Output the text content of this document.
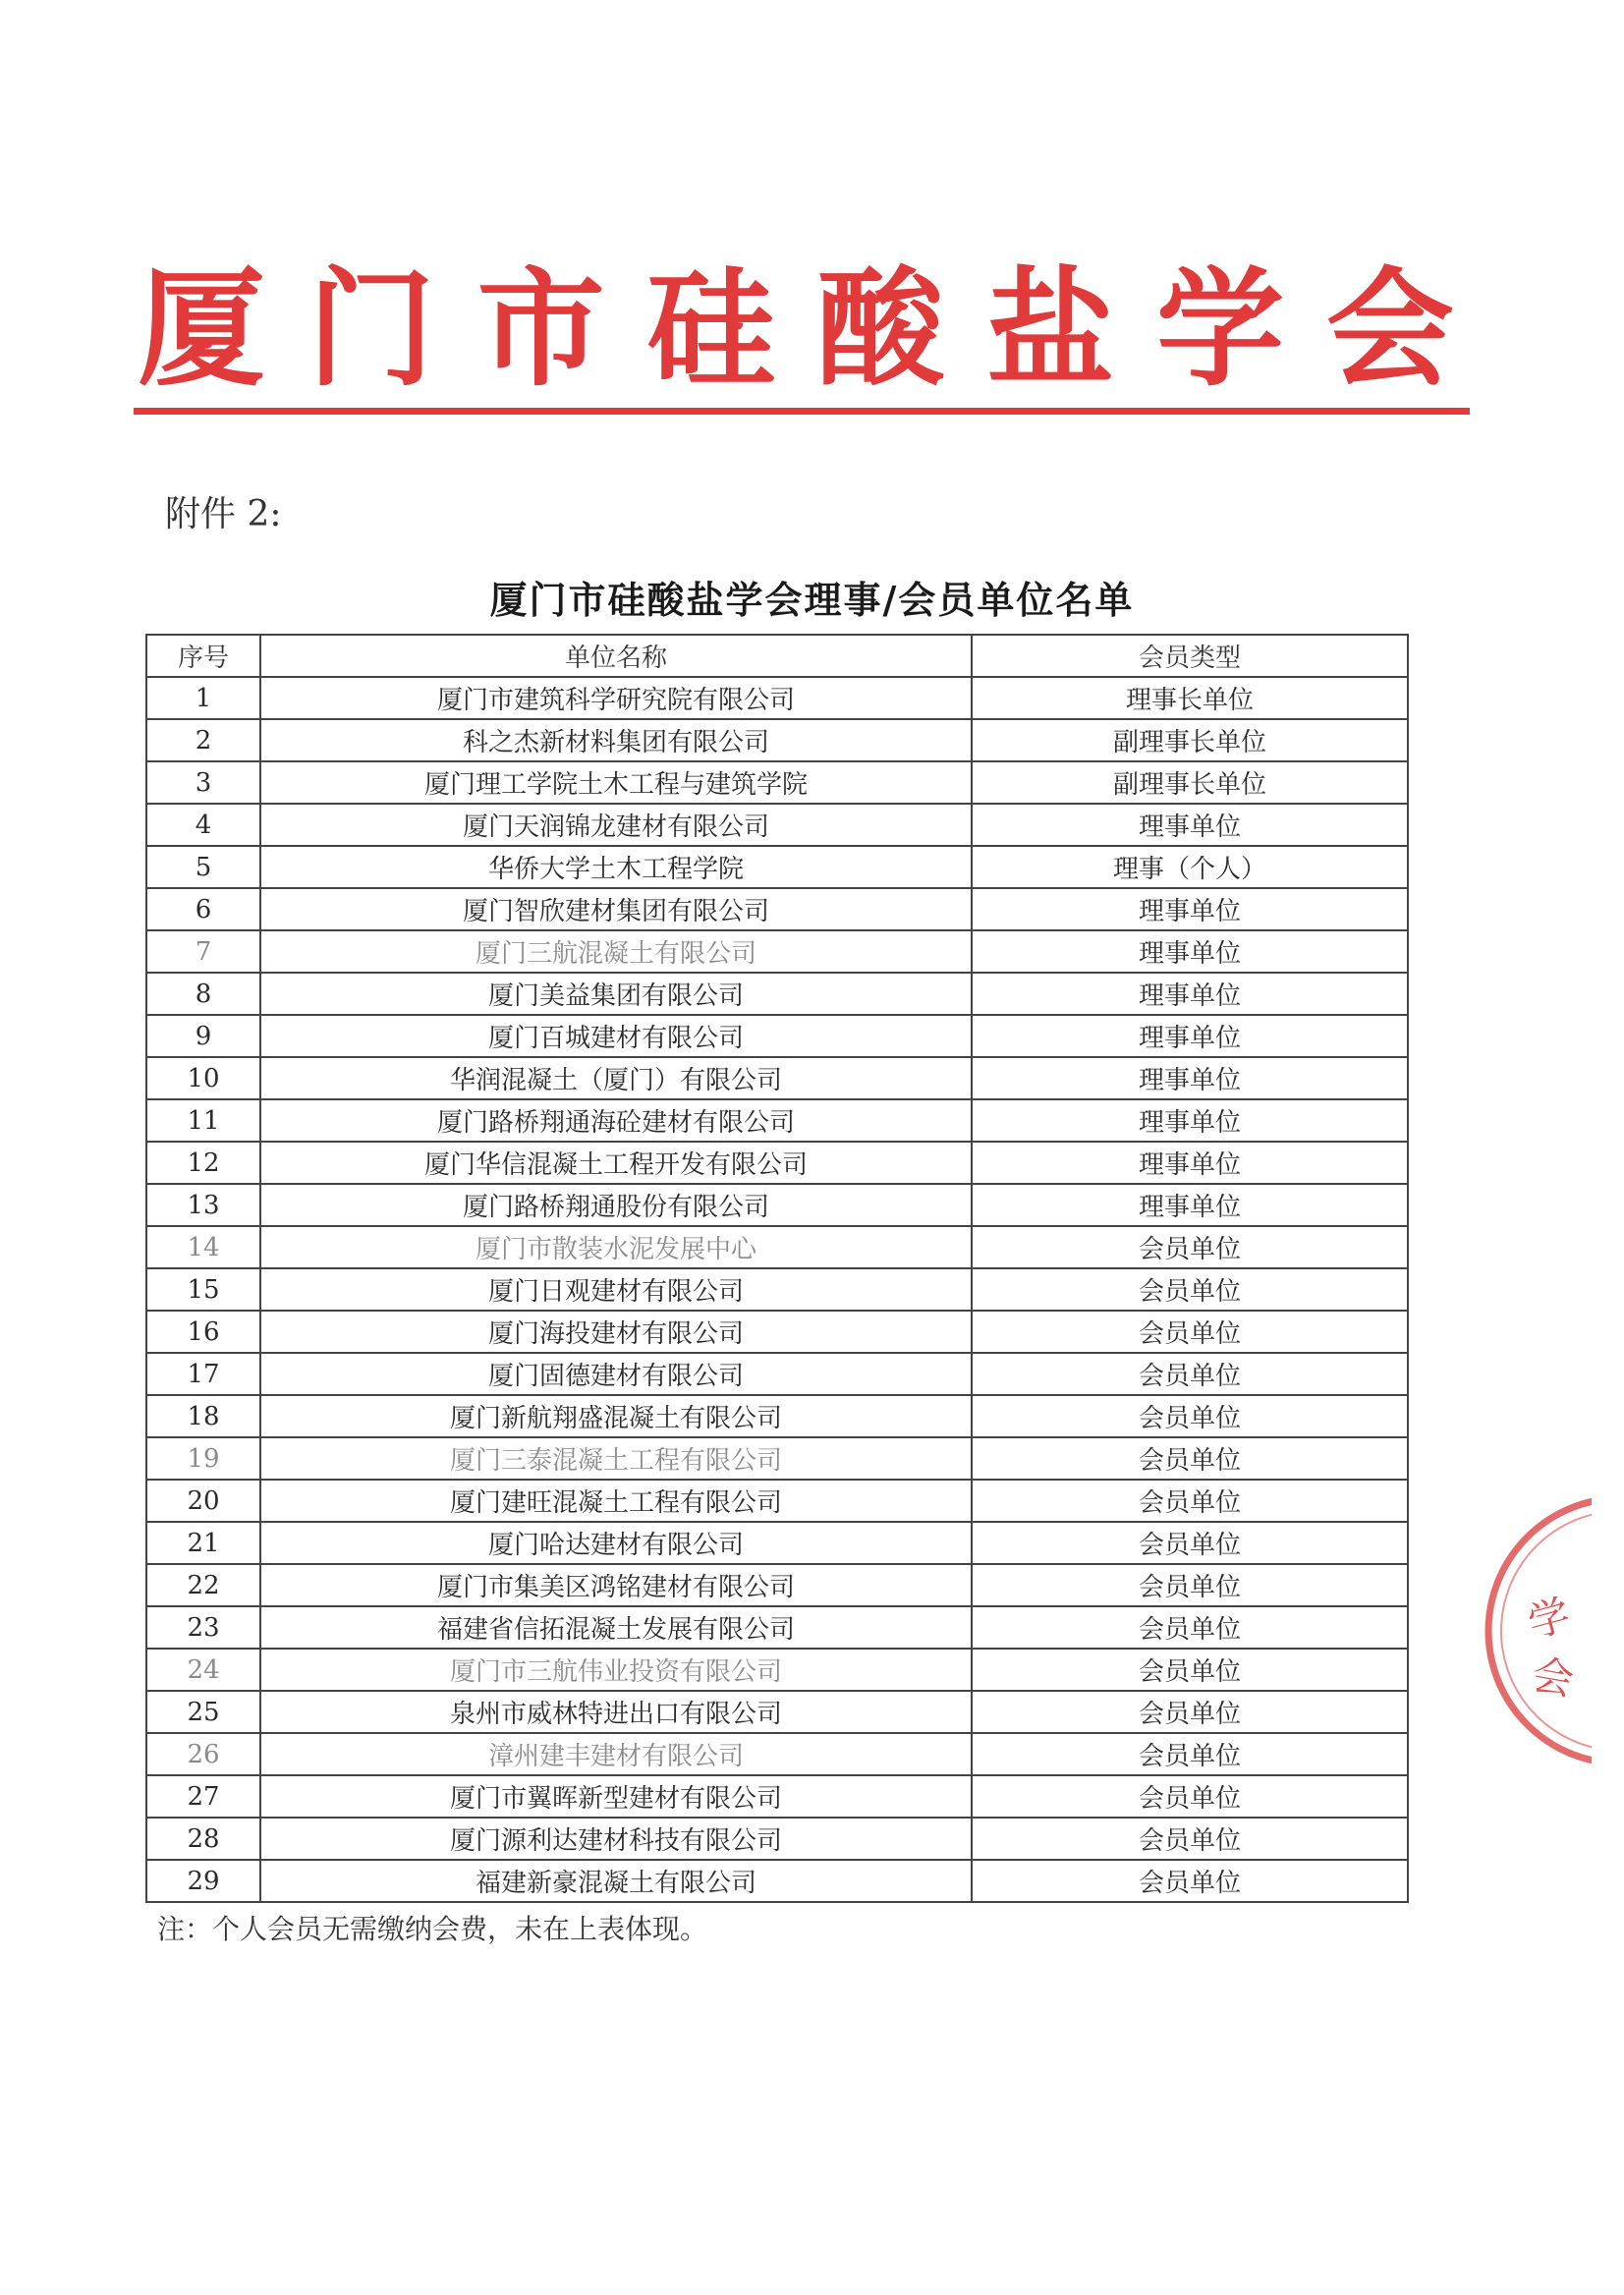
厦 门 市 硅 酸 盐 学 会
附件 2:
厦门市硅酸盐学会理事/会员单位名单
序号	单位名称	会员类型
1	厦门市建筑科学研究院有限公司	理事长单位
2	科之杰新材料集团有限公司	副理事长单位
3	厦门理工学院土木工程与建筑学院	副理事长单位
4	厦门天润锦龙建材有限公司	理事单位
5	华侨大学土木工程学院	理事（个人）
6	厦门智欣建材集团有限公司	理事单位
7	厦门三航混凝土有限公司	理事单位
8	厦门美益集团有限公司	理事单位
9	厦门百城建材有限公司	理事单位
10	华润混凝土（厦门）有限公司	理事单位
11	厦门路桥翔通海砼建材有限公司	理事单位
12	厦门华信混凝土工程开发有限公司	理事单位
13	厦门路桥翔通股份有限公司	理事单位
14	厦门市散装水泥发展中心	会员单位
15	厦门日观建材有限公司	会员单位
16	厦门海投建材有限公司	会员单位
17	厦门固德建材有限公司	会员单位
18	厦门新航翔盛混凝土有限公司	会员单位
19	厦门三泰混凝土工程有限公司	会员单位
20	厦门建旺混凝土工程有限公司	会员单位
21	厦门哈达建材有限公司	会员单位
22	厦门市集美区鸿铭建材有限公司	会员单位
23	福建省信拓混凝土发展有限公司	会员单位
24	厦门市三航伟业投资有限公司	会员单位
25	泉州市威林特进出口有限公司	会员单位
26	漳州建丰建材有限公司	会员单位
27	厦门市翼晖新型建材有限公司	会员单位
28	厦门源利达建材科技有限公司	会员单位
29	福建新豪混凝土有限公司	会员单位
注：个人会员无需缴纳会费，未在上表体现。
学
会
